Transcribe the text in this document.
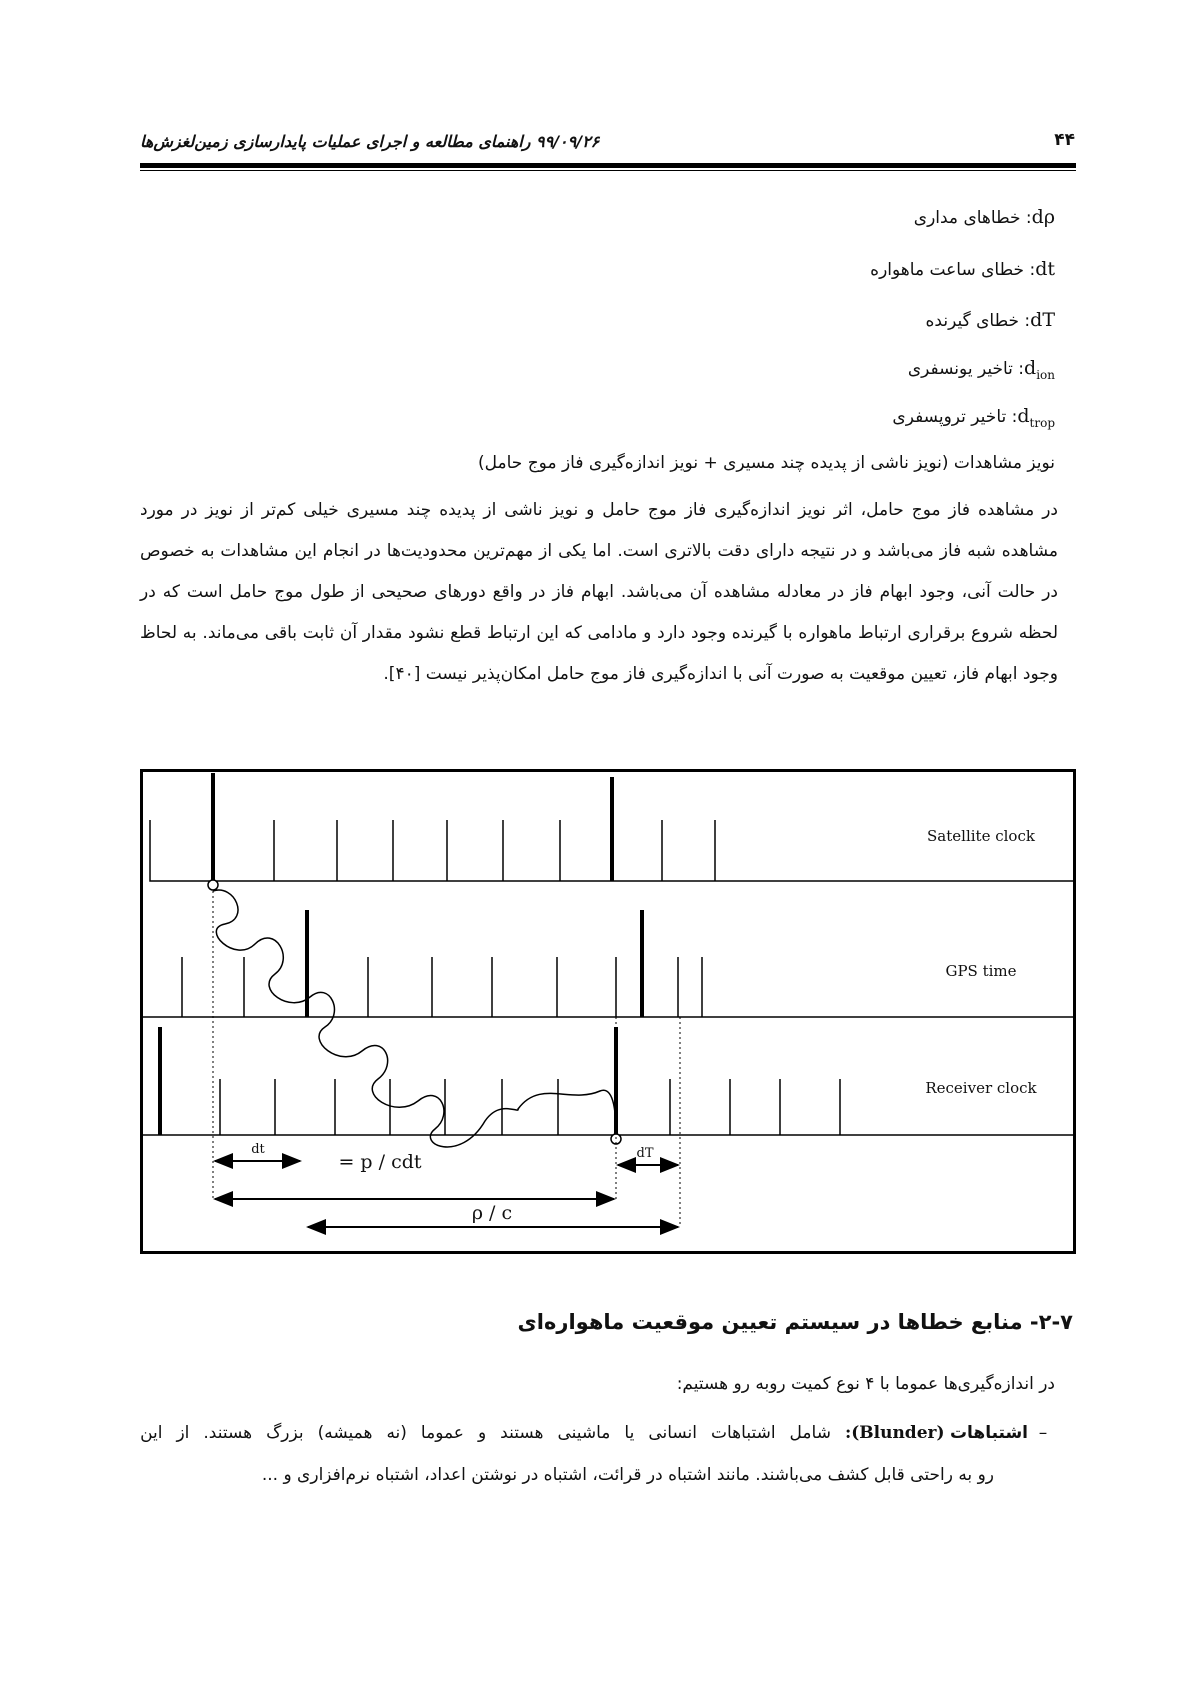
۹۹/۰۹/۲۶ راهنمای مطالعه و اجرای عملیات پایدارسازی زمین‌لغزش‌ها	۴۴
dρ: خطاهای مداری
dt: خطای ساعت ماهواره
dT: خطای گیرنده
$d_{ion}$: تاخیر یونسفری
$d_{trop}$: تاخیر تروپسفری
نویز مشاهدات (نویز ناشی از پدیده چند مسیری + نویز اندازه‌گیری فاز موج حامل)

در مشاهده فاز موج حامل، اثر نویز اندازه‌گیری فاز موج حامل و نویز ناشی از پدیده چند مسیری خیلی کم‌تر از نویز در مورد مشاهده شبه فاز می‌باشد و در نتیجه دارای دقت بالاتری است. اما یکی از مهم‌ترین محدودیت‌ها در انجام این مشاهدات به خصوص در حالت آنی، وجود ابهام فاز در معادله مشاهده آن می‌باشد. ابهام فاز در واقع دورهای صحیحی از طول موج حامل است که در لحظه شروع برقراری ارتباط ماهواره با گیرنده وجود دارد و مادامی که این ارتباط قطع نشود مقدار آن ثابت باقی می‌ماند. به لحاظ وجود ابهام فاز، تعیین موقعیت به صورت آنی با اندازه‌گیری فاز موج حامل امکان‌پذیر نیست [۴۰].

Satellite clock
GPS time
Receiver clock
dt
= p / cdt	dT
ρ / c
۲-۷- منابع خطاها در سیستم تعیین موقعیت ماهواره‌ای
در اندازه‌گیری‌ها عموما با ۴ نوع کمیت روبه رو هستیم:
–اشتباهات (Blunder):
شامل
اشتباهات
انسانی
یا
ماشینی
هستند
و
عموما
(نه
همیشه)
بزرگ
هستند.
از
این
رو به راحتی قابل کشف می‌باشند. مانند اشتباه در قرائت، اشتباه در نوشتن اعداد، اشتباه نرم‌افزاری و ...
